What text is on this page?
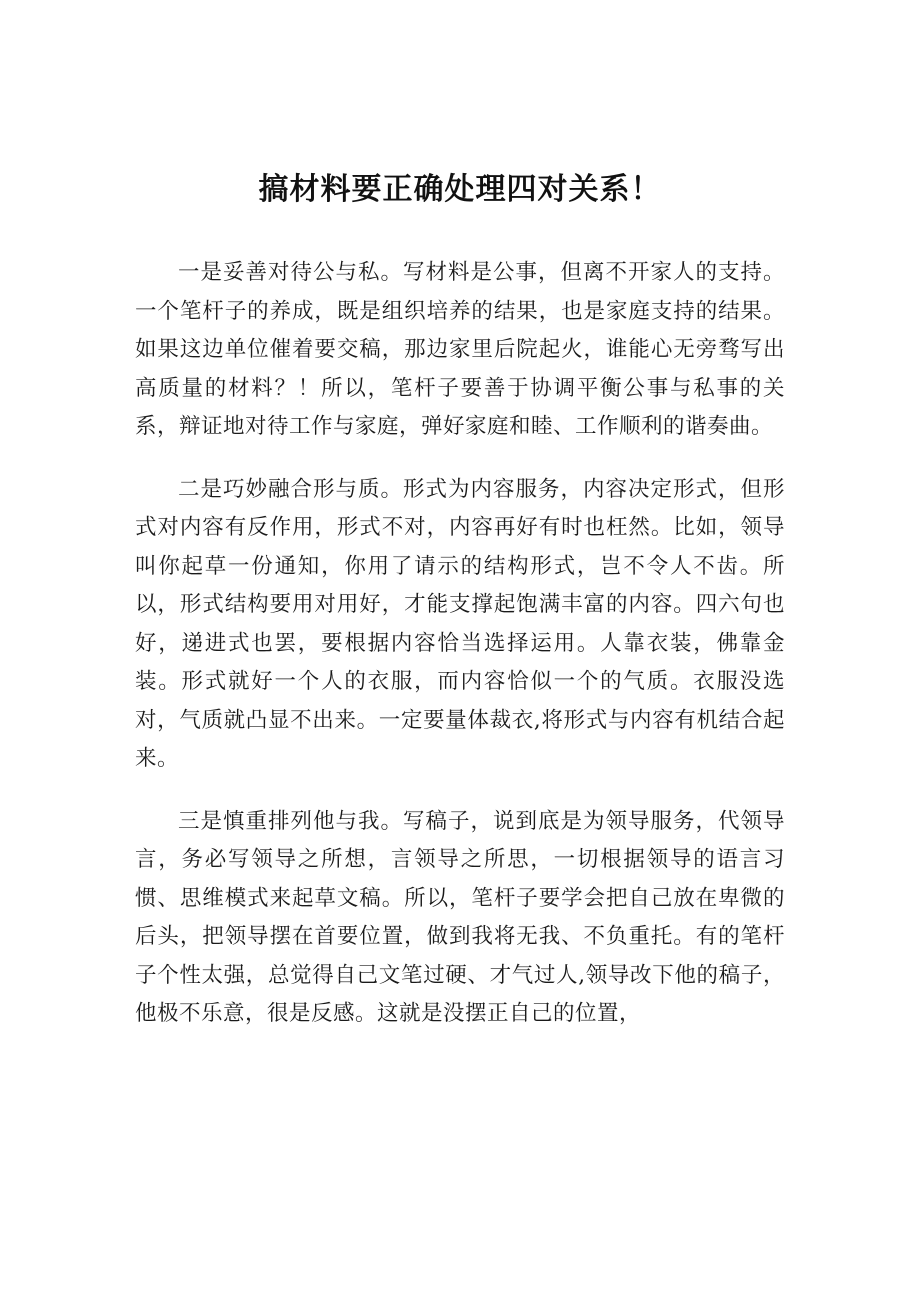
搞材料要正确处理四对关系！

一是妥善对待公与私。写材料是公事，但离不开家人的支持。一个笔杆子的养成，既是组织培养的结果，也是家庭支持的结果。如果这边单位催着要交稿，那边家里后院起火，谁能心无旁骛写出高质量的材料？！所以，笔杆子要善于协调平衡公事与私事的关系，辩证地对待工作与家庭，弹好家庭和睦、工作顺利的谐奏曲。

二是巧妙融合形与质。形式为内容服务，内容决定形式，但形式对内容有反作用，形式不对，内容再好有时也枉然。比如，领导叫你起草一份通知，你用了请示的结构形式，岂不令人不齿。所以，形式结构要用对用好，才能支撑起饱满丰富的内容。四六句也好，递进式也罢，要根据内容恰当选择运用。人靠衣装，佛靠金装。形式就好一个人的衣服，而内容恰似一个的气质。衣服没选对，气质就凸显不出来。一定要量体裁衣,将形式与内容有机结合起来。

三是慎重排列他与我。写稿子，说到底是为领导服务，代领导言，务必写领导之所想，言领导之所思，一切根据领导的语言习惯、思维模式来起草文稿。所以，笔杆子要学会把自己放在卑微的后头，把领导摆在首要位置，做到我将无我、不负重托。有的笔杆子个性太强，总觉得自己文笔过硬、才气过人,领导改下他的稿子，他极不乐意，很是反感。这就是没摆正自己的位置，
